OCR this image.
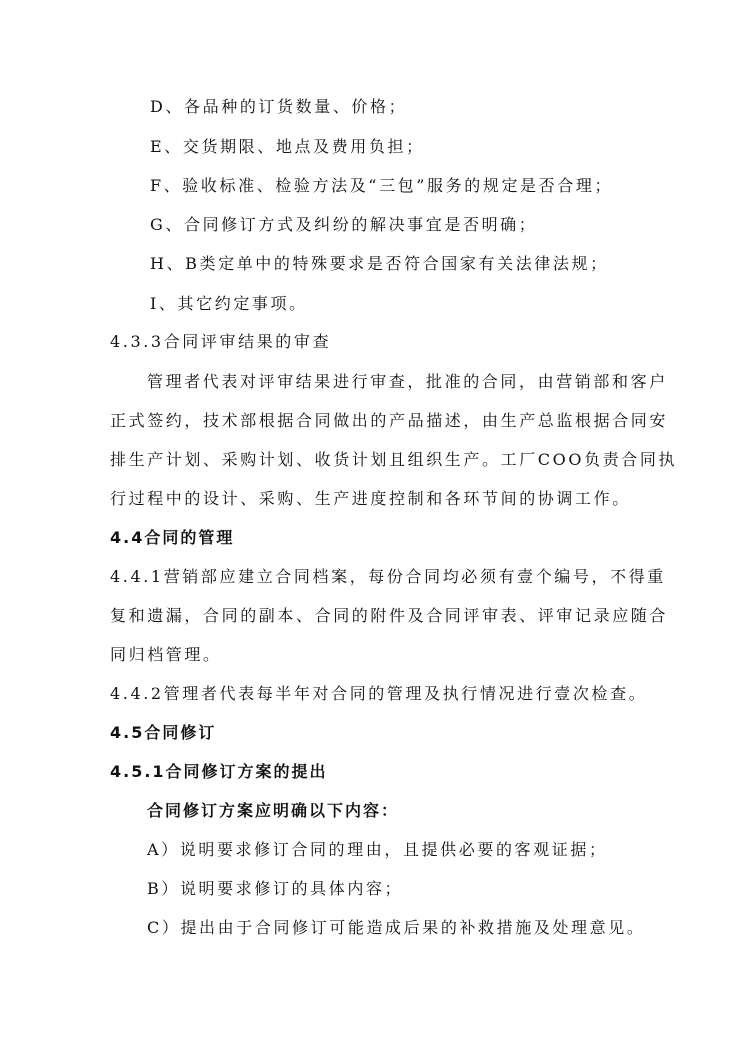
D、各品种的订货数量、价格；
E、交货期限、地点及费用负担；
F、验收标准、检验方法及“三包”服务的规定是否合理；
G、合同修订方式及纠纷的解决事宜是否明确；
H、B类定单中的特殊要求是否符合国家有关法律法规；
I、其它约定事项。
4.3.3合同评审结果的审查
管理者代表对评审结果进行审查，批准的合同，由营销部和客户
正式签约，技术部根据合同做出的产品描述，由生产总监根据合同安
排生产计划、采购计划、收货计划且组织生产。工厂COO负责合同执
行过程中的设计、采购、生产进度控制和各环节间的协调工作。
4.4合同的管理
4.4.1营销部应建立合同档案，每份合同均必须有壹个编号，不得重
复和遗漏，合同的副本、合同的附件及合同评审表、评审记录应随合
同归档管理。
4.4.2管理者代表每半年对合同的管理及执行情况进行壹次检查。
4.5合同修订
4.5.1合同修订方案的提出
合同修订方案应明确以下内容：
A）说明要求修订合同的理由，且提供必要的客观证据；
B）说明要求修订的具体内容；
C）提出由于合同修订可能造成后果的补救措施及处理意见。
